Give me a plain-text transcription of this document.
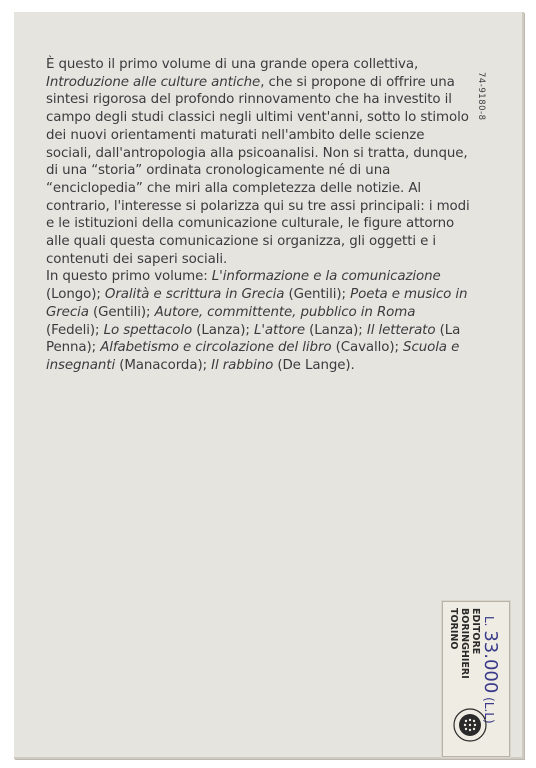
È questo il primo volume di una grande opera collettiva, Introduzione alle culture antiche, che si propone di offrire una sintesi rigorosa del profondo rinnovamento che ha investito il campo degli studi classici negli ultimi vent'anni, sotto lo stimolo dei nuovi orientamenti maturati nell'ambito delle scienze sociali, dall'antropologia alla psicoanalisi. Non si tratta, dunque, di una “storia” ordinata cronologicamente né di una “enciclopedia” che miri alla completezza delle notizie. Al contrario, l'interesse si polarizza qui su tre assi principali: i modi e le istituzioni della comunicazione culturale, le figure attorno alle quali questa comunicazione si organizza, gli oggetti e i contenuti dei saperi sociali.

In questo primo volume: L'informazione e la comunicazione (Longo); Oralità e scrittura in Grecia (Gentili); Poeta e musico in Grecia (Gentili); Autore, committente, pubblico in Roma (Fedeli); Lo spettacolo (Lanza); L'attore (Lanza); Il letterato (La Penna); Alfabetismo e circolazione del libro (Cavallo); Scuola e insegnanti (Manacorda); Il rabbino (De Lange).

74-9180-8
EDITORE
BORINGHIERI
TORINO L. 33.000 (L.L)
